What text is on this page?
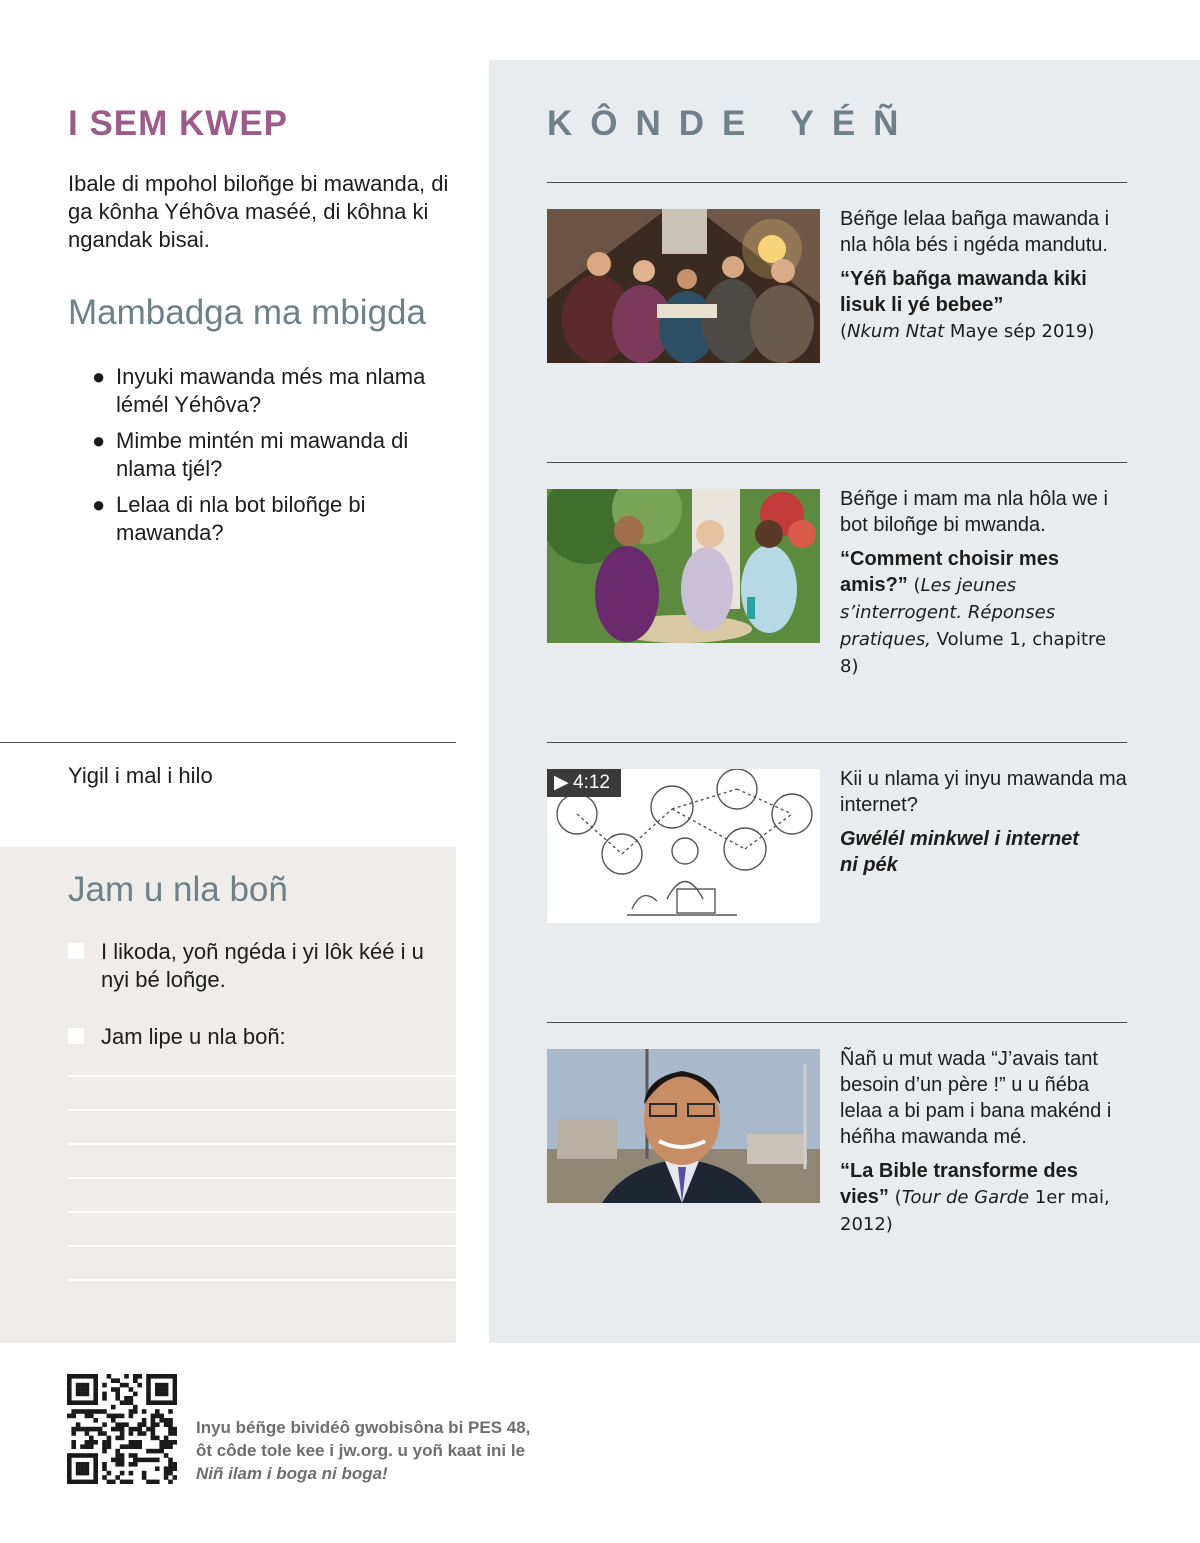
I SEM KWEP
Ibale di mpohol biloñge bi mawanda, di ga kônha Yéhôva maséé, di kôhna ki ngandak bisai.
Mambadga ma mbigda
● Inyuki mawanda més ma nlama lémél Yéhôva?
● Mimbe mintén mi mawanda di nlama tjél?
● Lelaa di nla bot biloñge bi mawanda?
Yigil i mal i hilo
Jam u nla boñ
I likoda, yoñ ngéda i yi lôk kéé i u nyi bé loñge.
Jam lipe u nla boñ:
KÔNDE YÉÑ

Béñge lelaa bañga mawanda i nla hôla bés i ngéda mandutu.

“Yéñ bañga mawanda kiki lisuk li yé bebee”
(Nkum Ntat Maye sép 2019)

Béñge i mam ma nla hôla we i bot biloñge bi mwanda.

“Comment choisir mes amis?” (Les jeunes s’interrogent. Réponses pratiques, Volume 1, chapitre 8)
▶ 4:12	Kii u nlama yi inyu mawanda ma internet?

Gwélél minkwel i internet ni pék

Ñañ u mut wada “J’avais tant besoin d’un père !” u u ñéba lelaa a bi pam i bana makénd i héñha mawanda mé.

“La Bible transforme des vies” (Tour de Garde 1er mai, 2012)
Inyu béñge bividéô gwobisôna bi PES 48,
ôt côde tole kee i jw.org. u yoñ kaat ini le
Niñ ilam i boga ni boga!
